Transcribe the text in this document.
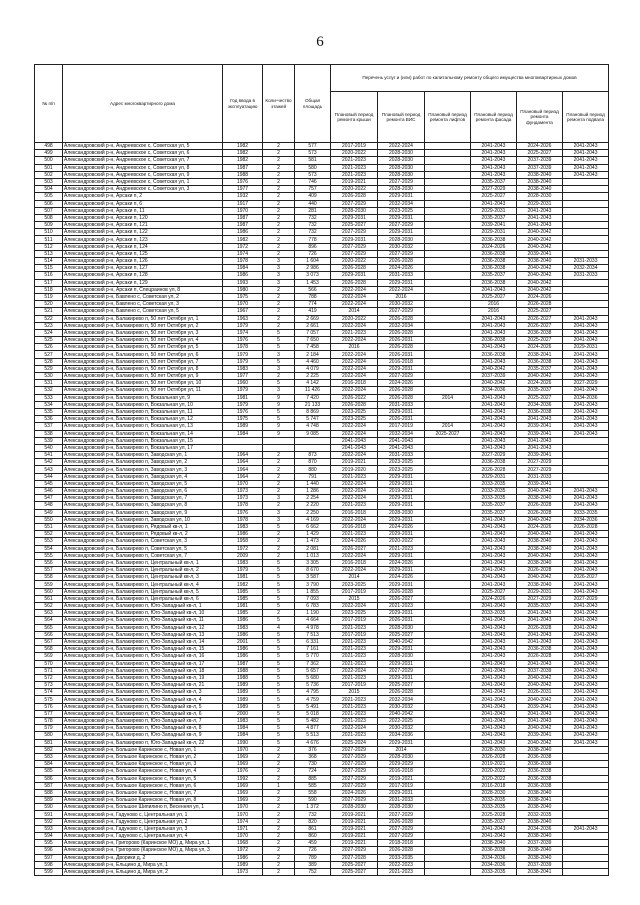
6
№ п/п	Адрес многоквартирного дома	Год ввода в эксплуатацию	Коли-чество этажей	Общая площадь	Перечень услуг и (или) работ по капитальному ремонту общего имущества многоквартирных домов					
					Плановый период ремонта крыши	Плановый период ремонта ВИС	Плановый период ремонта лифтов	Плановый период ремонта фасада	Плановый период ремонта фундамента	Плановый период ремонта подвала
498	Александровский р-н, Андреевское с, Советская ул, 5	1982	2	577	2017-2019	2022-2024		2041-2043	2024-2026	2041-2043
499	Александровский р-н, Андреевское с, Советская ул, 6	1982	2	573	2020-2022	2028-2030		2041-2043	2025-2027	2041-2043
500	Александровский р-н, Андреевское с, Советская ул, 7	1982	2	581	2021-2023	2028-2030		2041-2043	2037-2039	2041-2043
501	Александровский р-н, Андреевское с, Советская ул, 8	1987	2	580	2021-2023	2028-2030		2041-2043	2037-2039	2041-2043
502	Александровский р-н, Андреевское с, Советская ул, 9	1988	2	573	2021-2023	2028-2030		2041-2043	2038-2040	2041-2043
503	Александровский р-н, Андреевское с, Советская ул, 1	1976	2	746	2019-2021	2027-2029		2035-2037	2038-2040	
504	Александровский р-н, Андреевское с, Советская ул, 3	1977	2	757	2020-2022	2028-2030		2027-2029	2038-2040	
505	Александровский р-н, Арсаки п, 2	1932	2	409	2026-2028	2029-2031		2025-2027	2028-2030	
506	Александровский р-н, Арсаки п, 6	1917	2	440	2027-2029	2032-2034		2041-2043	2029-2031	
507	Александровский р-н, Арсаки п, 11	1970	2	281	2028-2030	2023-2025		2029-2031	2041-2043	
508	Александровский р-н, Арсаки п, 120	1987	2	732	2029-2031	2029-2031		2035-2037	2041-2043	
509	Александровский р-н, Арсаки п, 121	1987	2	732	2025-2027	2027-2029		2039-2041	2041-2043	
510	Александровский р-н, Арсаки п, 122	1986	2	732	2027-2029	2029-2031		2029-2031	2040-2042	
511	Александровский р-н, Арсаки п, 123	1982	2	778	2029-2031	2028-2030		2036-2038	2040-2042	
512	Александровский р-н, Арсаки п, 124	1972	2	896	2027-2029	2030-2032		2024-2026	2040-2042	
513	Александровский р-н, Арсаки п, 125	1974	2	726	2027-2029	2027-2029		2036-2038	2039-2041	
514	Александровский р-н, Арсаки п, 126	1978	3	1 604	2020-2022	2026-2028		2036-2038	2038-2040	2031-2033
515	Александровский р-н, Арсаки п, 127	1984	3	2 986	2026-2028	2024-2026		2036-2038	2040-2042	2032-2034
516	Александровский р-н, Арсаки п, 128	1986	3	3 073	2029-2031	2031-2033		2035-2037	2040-2042	2031-2033
517	Александровский р-н, Арсаки п, 129	1993	3	1 453	2026-2028	2029-2031		2036-2038	2040-2042	
518	Александровский р-н, Арсаки п, Спецраинов ул, 8	1980	2	566	2022-2024	2022-2024		2041-2043	2040-2042	
519	Александровский р-н, Бавлено с, Советская ул, 2	1975	2	788	2022-2024	2016		2025-2027	2024-2026	
520	Александровский р-н, Бавлено с, Советская ул, 3	1970	2	774	2022-2024	2030-2032		2016	2026-2028	
521	Александровский р-н, Бавлено с, Советская ул, 5	1967	2	419	2014	2027-2029		2016	2025-2027	
522	Александровский р-н, Балакирево п, 50 лет Октября ул, 1	1963	2	2 669	2020-2022	2026-2028		2041-2043	2026-2027	2041-2043
523	Александровский р-н, Балакирево п, 50 лет Октября ул, 2	1979	2	2 661	2022-2024	2032-2034		2041-2043	2026-2027	2041-2043
524	Александровский р-н, Балакирево п, 50 лет Октября ул, 3	1974	5	7 057	2021-2023	2026-2028		2041-2043	2036-2038	2041-2043
525	Александровский р-н, Балакирево п, 50 лет Октября ул, 4	1976	5	7 650	2022-2024	2026-2031		2036-2038	2025-2027	2041-2043
526	Александровский р-н, Балакирево п, 50 лет Октября ул, 5	1978	5	7 458	2016	2026-2028		2041-2043	2024-2026	2029-2031
527	Александровский р-н, Балакирево п, 50 лет Октября ул, 6	1979	3	2 184	2022-2024	2026-2031		2036-2038	2038-2041	2041-2043
528	Александровский р-н, Балакирево п, 50 лет Октября ул, 7	1979	5	4 460	2022-2024	2016-2018		2041-2043	2036-2038	2041-2043
529	Александровский р-н, Балакирево п, 50 лет Октября ул, 8	1983	3	4 079	2022-2024	2029-2031		2040-2042	2035-2037	2041-2043
530	Александровский р-н, Балакирево п, 50 лет Октября ул, 9	1977	2	2 225	2022-2024	2027-2029		2037-2039	2040-2042	2041-2043
531	Александровский р-н, Балакирево п, 50 лет Октября ул, 10	1960	5	4 142	2016-2018	2024-2026		2040-2042	2024-2026	2027-2029
532	Александровский р-н, Балакирево п, 50 лет Октября ул, 11	1979	3	11 426	2022-2024	2026-2028		2034-2036	2035-2037	2041-2043
533	Александровский р-н, Балакирево п, Вокзальная ул, 9	1981	9	7 420	2026-2022	2026-2028	2014	2041-2043	2025-2027	2034-2036
534	Александровский р-н, Балакирево п, Вокзальная ул, 10	1979	9	21 133	2026-2028	2031-2033		2041-2043	2034-2036	2041-2043
535	Александровский р-н, Балакирево п, Вокзальная ул, 11	1976	5	8 869	2023-2025	2029-2031		2041-2043	2036-2038	2041-2043
536	Александровский р-н, Балакирево п, Вокзальная ул, 12	1975	5	5 747	2023-2025	2026-2031		2041-2043	2041-2043	2041-2043
537	Александровский р-н, Балакирево п, Вокзальная ул, 13	1989	9	4 748	2022-2024	2017-2019	2014	2041-2043	2039-2041	2041-2043
538	Александровский р-н, Балакирево п, Вокзальная ул, 14	1984	9	9 085	2022-2024	2032-2034	2025-2027	2041-2043	2039-2041	2041-2043
539	Александровский р-н, Балакирево п, Вокзальная ул, 15				2041-2043	2041-2043		2041-2043	2041-2043	
540	Александровский р-н, Балакирево п, Вокзальная ул, 17				2041-2043	2041-2043		2041-2043	2041-2043	
541	Александровский р-н, Балакирево п, Заводская ул, 1	1964	2	873	2022-2024	2031-2033		2027-2029	2039-2041	
542	Александровский р-н, Балакирево п, Заводская ул, 2	1964	2	870	2019-2021	2023-2025		2036-2038	2027-2029	
543	Александровский р-н, Балакирево п, Заводская ул, 3	1964	2	880	2019-2020	2023-2025		2026-2028	2027-2029	
544	Александровский р-н, Балакирево п, Заводская ул, 4	1964	2	791	2021-2023	2029-2031		2029-2031	2031-2033	
545	Александровский р-н, Балакирево п, Заводская ул, 5	1970	2	1 440	2022-2024	2029-2031		2033-2035	2039-2041	
546	Александровский р-н, Балакирево п, Заводская ул, 6	1973	2	1 286	2022-2024	2019-2021		2033-2035	2040-2042	2041-2043
547	Александровский р-н, Балакирево п, Заводская ул, 7	1973	3	2 254	2022-2024	2029-2031		2033-2035	2038-2040	2041-2043
548	Александровский р-н, Балакирево п, Заводская ул, 8	1978	2	2 220	2021-2023	2029-2031		2035-2037	2026-2028	2041-2043
549	Александровский р-н, Балакирево п, Заводская ул, 9	1976	3	2 250	2016-2018	2028-2030		2035-2037	2026-2028	2033-2035
550	Александровский р-н, Балакирево п, Заводская ул, 10	1978	3	4 169	2022-2024	2029-2031		2041-2043	2040-2042	2034-2036
551	Александровский р-н, Балакирево п, Рядовый кв-л, 1	1983	5	6 662	2016-2018	2024-2026		2041-2043	2024-2026	2026-2028
552	Александровский р-н, Балакирево п, Рядовый кв-л, 2	1986	2	1 429	2021-2023	2029-2031		2041-2043	2040-2042	2041-2043
553	Александровский р-н, Балакирево п, Советская ул, 3	1958	2	1 473	2024-2026	2020-2022		2041-2043	2038-2040	2041-2043
554	Александровский р-н, Балакирево п, Советская ул, 5	1972	2	2 081	2026-2027	2021-2023		2041-2043	2038-2040	2041-2043
555	Александровский р-н, Балакирево п, Советская ул, 7	2009	2	1 013	2022-2024	2029-2031		2041-2043	2040-2042	2041-2043
556	Александровский р-н, Балакирево п, Центральный кв-л, 1	1983	5	3 305	2016-2018	2024-2026		2041-2043	2038-2040	2041-2043
557	Александровский р-н, Балакирево п, Центральный кв-л, 2	1979	5	8 670	2022-2024	2029-2031		2041-2043	2026-2028	2041-2043
558	Александровский р-н, Балакирево п, Центральный кв-л, 3	1981	5	3 587	2014	2024-2026		2041-2043	2040-2042	2026-2027
559	Александровский р-н, Балакирево п, Центральный кв-л, 4	1982	5	3 790	2023-2025	2029-2031		2041-2043	2038-2040	2041-2043
560	Александровский р-н, Балакирево п, Центральный кв-л, 5	1985	5	1 855	2017-2019	2026-2028		2025-2027	2029-2031	2041-2043
561	Александровский р-н, Балакирево п, Центральный кв-л, 6	1985	5	7 093	2015	2026-2027		2024-2026	2027-2029	2027-2029
562	Александровский р-н, Балакирево п, Юго-Западный кв-л, 1	1981	5	6 783	2022-2024	2021-2023		2041-2043	2035-2037	2041-2043
563	Александровский р-н, Балакирево п, Юго-Западный кв-л, 10	1985	2	1 190	2023-2025	2029-2031		2033-2035	2041-2043	2041-2043
564	Александровский р-н, Балакирево п, Юго-Западный кв-л, 11	1986	5	4 664	2017-2019	2026-2031		2041-2043	2041-2043	2041-2043
565	Александровский р-н, Балакирево п, Юго-Западный кв-л, 12	1983	4	4 978	2021-2023	2028-2030		2041-2043	2026-2028	2041-2042
566	Александровский р-н, Балакирево п, Юго-Западный кв-л, 13	1986	5	7 513	2017-2019	2025-2027		2041-2043	2041-2043	2041-2043
567	Александровский р-н, Балакирево п, Юго-Западный кв-л, 14	2001	5	6 331	2021-2023	2040-2042		2041-2043	2041-2043	2041-2043
568	Александровский р-н, Балакирево п, Юго-Западный кв-л, 15	1986	5	7 161	2021-2023	2029-2031		2041-2043	2036-2038	2041-2043
569	Александровский р-н, Балакирево п, Юго-Западный кв-л, 16	1986	5	5 770	2021-2023	2028-2030		2041-2043	2026-2028	2041-2043
570	Александровский р-н, Балакирево п, Юго-Западный кв-л, 17	1987	5	7 362	2021-2023	2029-2031		2041-2043	2041-2043	2041-2043
571	Александровский р-н, Балакирево п, Юго-Западный кв-л, 18	1988	5	5 657	2022-2024	2027-2029		2041-2043	2037-2039	2041-2043
572	Александровский р-н, Балакирево п, Юго-Западный кв-л, 19	1988	5	5 680	2021-2023	2029-2031		2041-2043	2040-2042	2041-2043
573	Александровский р-н, Балакирево п, Юго-Западный кв-л, 21	1989	5	5 736	2017-2019	2025-2027		2041-2043	2040-2042	2041-2043
574	Александровский р-н, Балакирево п, Юго-Западный кв-л, 3	1989	5	4 795	2015	2026-2028		2041-2043	2026-2031	2041-2043
575	Александровский р-н, Балакирево п, Юго-Западный кв-л, 4	1989	5	4 759	2021-2023	2032-2034		2041-2043	2040-2042	2041-2043
576	Александровский р-н, Балакирево п, Юго-Западный кв-л, 5	1989	5	5 491	2021-2023	2030-2032		2041-2043	2039-2041	2041-2043
577	Александровский р-н, Балакирево п, Юго-Западный кв-л, 6	2000	5	5 018	2021-2023	2040-2042		2041-2043	2041-2043	2041-2043
578	Александровский р-н, Балакирево п, Юго-Западный кв-л, 7	1983	5	5 482	2021-2023	2022-2025		2041-2043	2041-2043	2041-2043
579	Александровский р-н, Балакирево п, Юго-Западный кв-л, 8	1984	5	4 877	2022-2024	2030-2032		2041-2043	2040-2042	2041-2043
580	Александровский р-н, Балакирево п, Юго-Западный кв-л, 9	1984	5	5 513	2021-2023	2034-2036		2041-2043	2039-2041	2041-2043
581	Александровский р-н, Балакирево п, Юго-Западный кв-л, 22	1990	5	4 676	2025-2024	2029-2031		2041-2043	2040-2042	2041-2043
582	Александровский р-н, Большое Каринское с, Новая ул, 1	1970	2	376	2027-2029	2014		2028-2030	2038-2040	
583	Александровский р-н, Большое Каринское с, Новая ул, 2	1969	2	368	2027-2029	2028-2030		2026-2028	2036-2038	
584	Александровский р-н, Большое Каринское с, Новая ул, 3	1969	2	730	2027-2029	2029-2029		2019-2021	2036-2038	
585	Александровский р-н, Большое Каринское с, Новая ул, 4	1976	2	724	2027-2029	2016-2018		2020-2022	2036-2038	
586	Александровский р-н, Большое Каринское с, Новая ул, 5	1992	2	885	2027-2029	2019-2021		2020-2022	2036-2038	
587	Александровский р-н, Большое Каринское с, Новая ул, 6	1969	1	585	2027-2029	2017-2019		2016-2018	2036-2038	
588	Александровский р-н, Большое Каринское с, Новая ул, 7	1969	2	558	2024-2026	2029-2031		2028-2030	2038-2040	
589	Александровский р-н, Большое Каринское с, Новая ул, 8	1969	2	590	2027-2029	2031-2033		2033-2035	2038-2041	
590	Александровский р-н, Большое Шипилино п, Весенняя ул, 1	1970	2	1 372	2028-2030	2028-2030		2033-2035	2038-2040	
591	Александровский р-н, Гадуново с, Центральная ул, 1	1970	2	732	2019-2021	2027-2029		2025-2028	2032-2035	
592	Александровский р-н, Гадуново с, Центральная ул, 2	1974	2	820	2019-2021	2026-2028		2035-2037	2038-2040	
593	Александровский р-н, Гадуново с, Центральная ул, 3	1971	2	861	2019-2021	2027-2029		2041-2043	2034-2036	2041-2043
594	Александровский р-н, Гадуново с, Центральная ул, 4	1970	2	860	2019-2021	2027-2029		2041-2043	2038-2040	
595	Александровский р-н, Григорово (Каринское МО) д, Мира ул, 1	1968	2	459	2019-2021	2018-2018		2038-2040	2037-2039	
596	Александровский р-н, Григорово (Каринское МО) д, Мира ул, 3	1972	2	726	2027-2029	2026-2028		2036-2038	2038-2040	
597	Александровский р-н, Дворики д, 2	1986	2	789	2027-2028	2033-2035		2034-2036	2038-2040	
598	Александровский р-н, Ельцино д, Мира ул, 1	1989	2	389	2025-2027	2022-2023		2034-2036	2037-2039	
599	Александровский р-н, Ельцино д, Мира ул, 2	1973	2	752	2025-2027	2021-2023		2033-2035	2038-2041	
